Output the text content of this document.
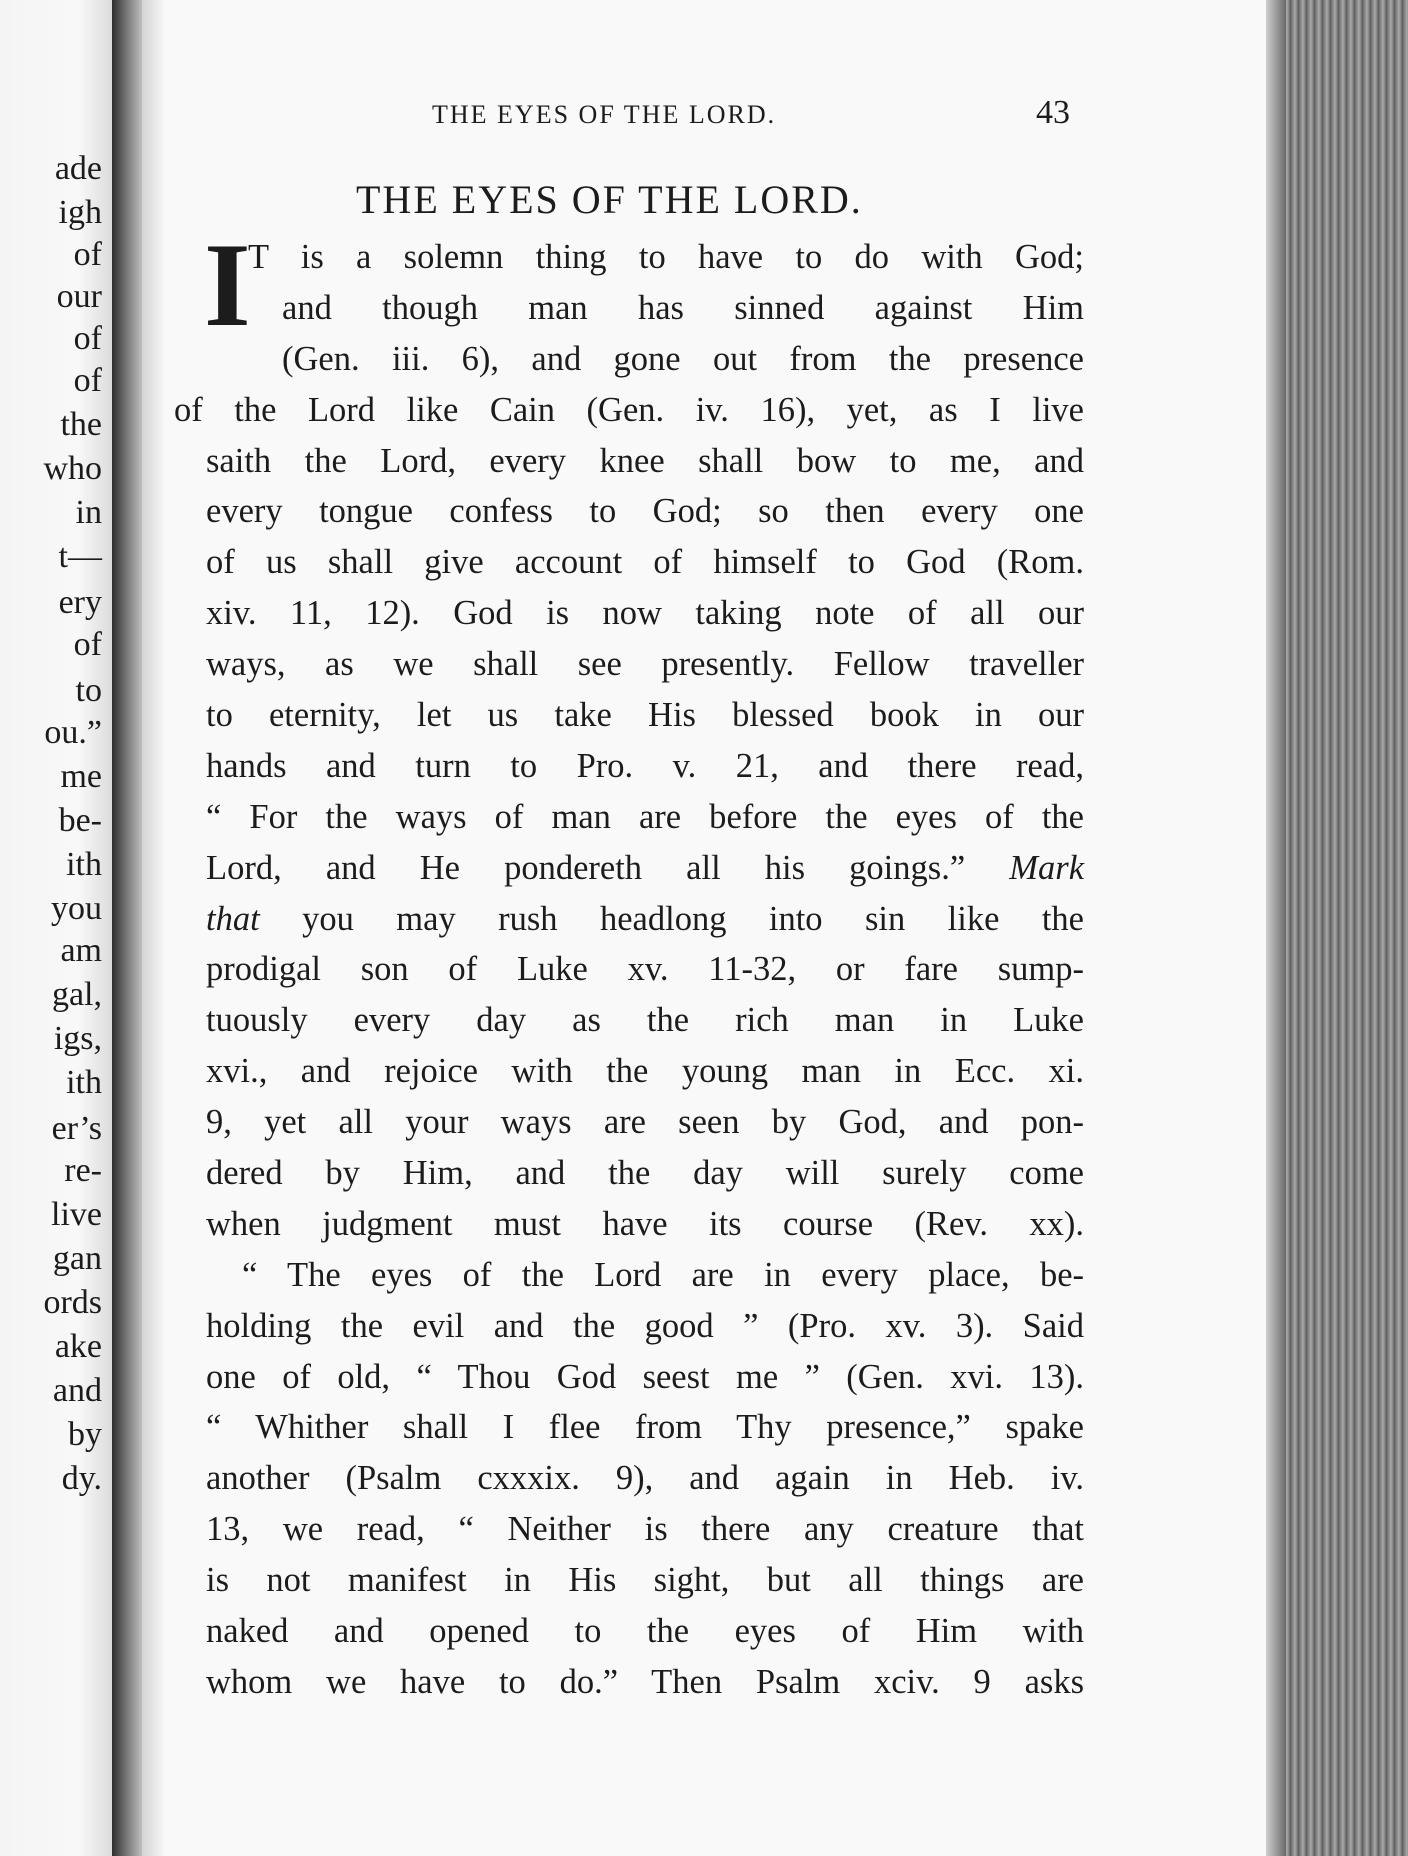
ade

igh

of

our

of

of

the

who

in

t—

ery

of

to

ou.”

me

be-

ith

you

am

gal,

igs,

ith

er’s

re-

live

gan

ords

ake

and

by

dy.

THE EYES OF THE LORD.	43

THE EYES OF THE LORD.
I
T is a solemn thing to have to do with God;
and though man has sinned against Him
(Gen. iii. 6), and gone out from the presence
of the Lord like Cain (Gen. iv. 16), yet, as I live
saith the Lord, every knee shall bow to me, and
every tongue confess to God; so then every one
of us shall give account of himself to God (Rom.
xiv. 11, 12). God is now taking note of all our
ways, as we shall see presently. Fellow traveller
to eternity, let us take His blessed book in our
hands and turn to Pro. v. 21, and there read,
“ For the ways of man are before the eyes of the
Lord, and He pondereth all his goings.” Mark
that you may rush headlong into sin like the
prodigal son of Luke xv. 11-32, or fare sump-
tuously every day as the rich man in Luke
xvi., and rejoice with the young man in Ecc. xi.
9, yet all your ways are seen by God, and pon-
dered by Him, and the day will surely come
when judgment must have its course (Rev. xx).
“ The eyes of the Lord are in every place, be-
holding the evil and the good ” (Pro. xv. 3). Said
one of old, “ Thou God seest me ” (Gen. xvi. 13).
“ Whither shall I flee from Thy presence,” spake
another (Psalm cxxxix. 9), and again in Heb. iv.
13, we read, “ Neither is there any creature that
is not manifest in His sight, but all things are
naked and opened to the eyes of Him with
whom we have to do.” Then Psalm xciv. 9 asks
